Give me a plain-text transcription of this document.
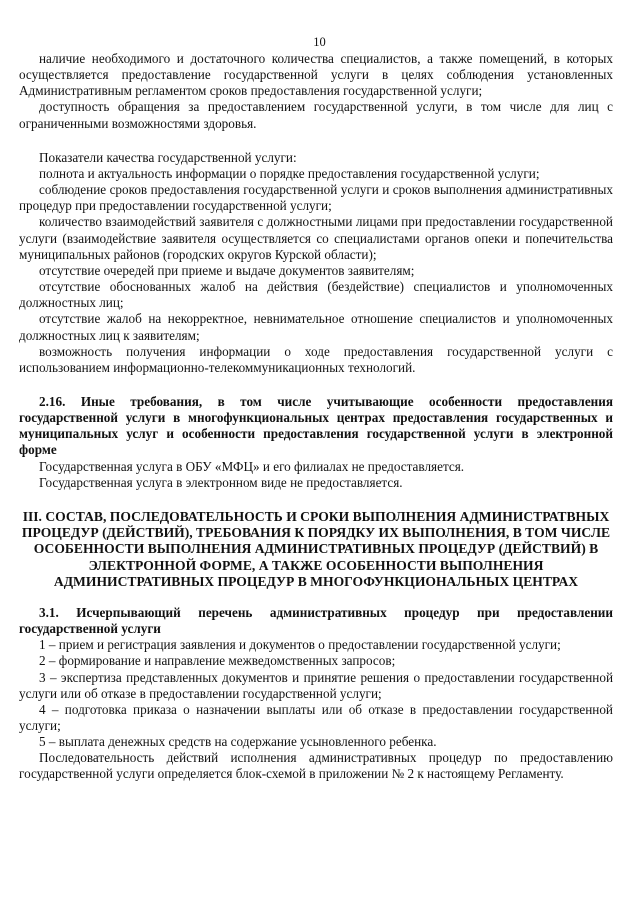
10

наличие необходимого и достаточного количества специалистов, а также помещений, в которых осуществляется предоставление государственной услуги в целях соблюдения установленных Административным регламентом сроков предоставления государственной услуги;

доступность обращения за предоставлением государственной услуги, в том числе для лиц с ограниченными возможностями здоровья.

Показатели качества государственной услуги:

полнота и актуальность информации о порядке предоставления государственной услуги;

соблюдение сроков предоставления государственной услуги и сроков выполнения административных процедур при предоставлении государственной услуги;

количество взаимодействий заявителя с должностными лицами при предоставлении государственной услуги (взаимодействие заявителя осуществляется со специалистами органов опеки и попечительства муниципальных районов (городских округов Курской области);

отсутствие очередей при приеме и выдаче документов заявителям;

отсутствие обоснованных жалоб на действия (бездействие) специалистов и уполномоченных должностных лиц;

отсутствие жалоб на некорректное, невнимательное отношение специалистов и уполномоченных должностных лиц к заявителям;

возможность получения информации о ходе предоставления государственной услуги с использованием информационно-телекоммуникационных технологий.

2.16. Иные требования, в том числе учитывающие особенности предоставления государственной услуги в многофункциональных центрах предоставления государственных и муниципальных услуг и особенности предоставления государственной услуги в электронной форме

Государственная услуга в ОБУ «МФЦ» и его филиалах не предоставляется.

Государственная услуга в электронном виде не предоставляется.

III. СОСТАВ, ПОСЛЕДОВАТЕЛЬНОСТЬ И СРОКИ ВЫПОЛНЕНИЯ АДМИНИСТРАТВНЫХ ПРОЦЕДУР (ДЕЙСТВИЙ), ТРЕБОВАНИЯ К ПОРЯДКУ ИХ ВЫПОЛНЕНИЯ, В ТОМ ЧИСЛЕ ОСОБЕННОСТИ ВЫПОЛНЕНИЯ АДМИНИСТРАТИВНЫХ ПРОЦЕДУР (ДЕЙСТВИЙ) В ЭЛЕКТРОННОЙ ФОРМЕ, А ТАКЖЕ ОСОБЕННОСТИ ВЫПОЛНЕНИЯ АДМИНИСТРАТИВНЫХ ПРОЦЕДУР В МНОГОФУНКЦИОНАЛЬНЫХ ЦЕНТРАХ

3.1. Исчерпывающий перечень административных процедур при предоставлении государственной услуги

1 – прием и регистрация заявления и документов о предоставлении государственной услуги;

2 – формирование и направление межведомственных запросов;

3 – экспертиза представленных документов и принятие решения о предоставлении государственной услуги или об отказе в предоставлении государственной услуги;

4 – подготовка приказа о назначении выплаты или об отказе в предоставлении государственной услуги;

5 – выплата денежных средств на содержание усыновленного ребенка.

Последовательность действий исполнения административных процедур по предоставлению государственной услуги определяется блок-схемой в приложении № 2 к настоящему Регламенту.
